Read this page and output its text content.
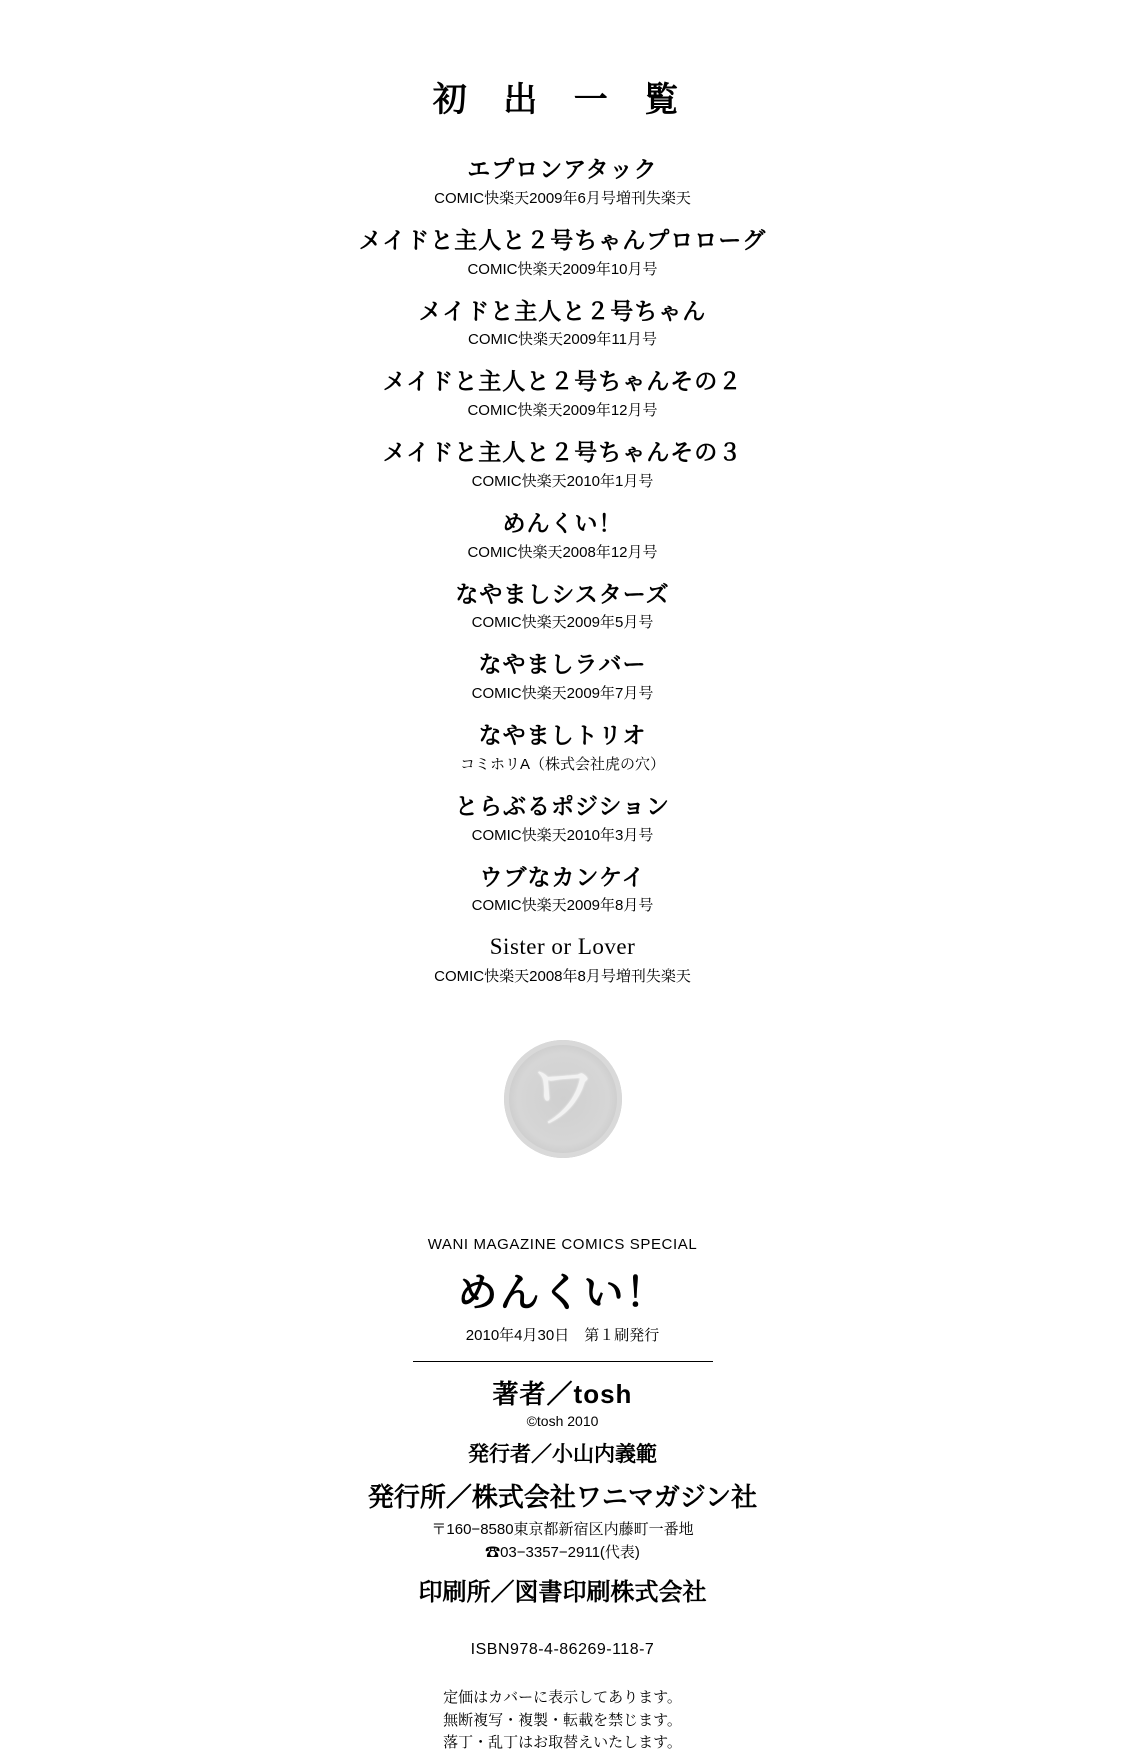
初 出 一 覧
エプロンアタック
COMIC快楽天2009年6月号増刊失楽天
メイドと主人と２号ちゃんプロローグ
COMIC快楽天2009年10月号
メイドと主人と２号ちゃん
COMIC快楽天2009年11月号
メイドと主人と２号ちゃんその２
COMIC快楽天2009年12月号
メイドと主人と２号ちゃんその３
COMIC快楽天2010年1月号
めんくい！
COMIC快楽天2008年12月号
なやましシスターズ
COMIC快楽天2009年5月号
なやましラバー
COMIC快楽天2009年7月号
なやましトリオ
コミホリA（株式会社虎の穴）
とらぶるポジション
COMIC快楽天2010年3月号
ウブなカンケイ
COMIC快楽天2009年8月号
Sister or Lover
COMIC快楽天2008年8月号増刊失楽天
ワ
WANI MAGAZINE COMICS SPECIAL
めんくい！
2010年4月30日　第１刷発行
著者／tosh
©tosh 2010
発行者／小山内義範
発行所／株式会社ワニマガジン社
〒160−8580東京都新宿区内藤町一番地
☎03−3357−2911(代表)
印刷所／図書印刷株式会社
ISBN978-4-86269-118-7
定価はカバーに表示してあります。
無断複写・複製・転載を禁じます。
落丁・乱丁はお取替えいたします。
